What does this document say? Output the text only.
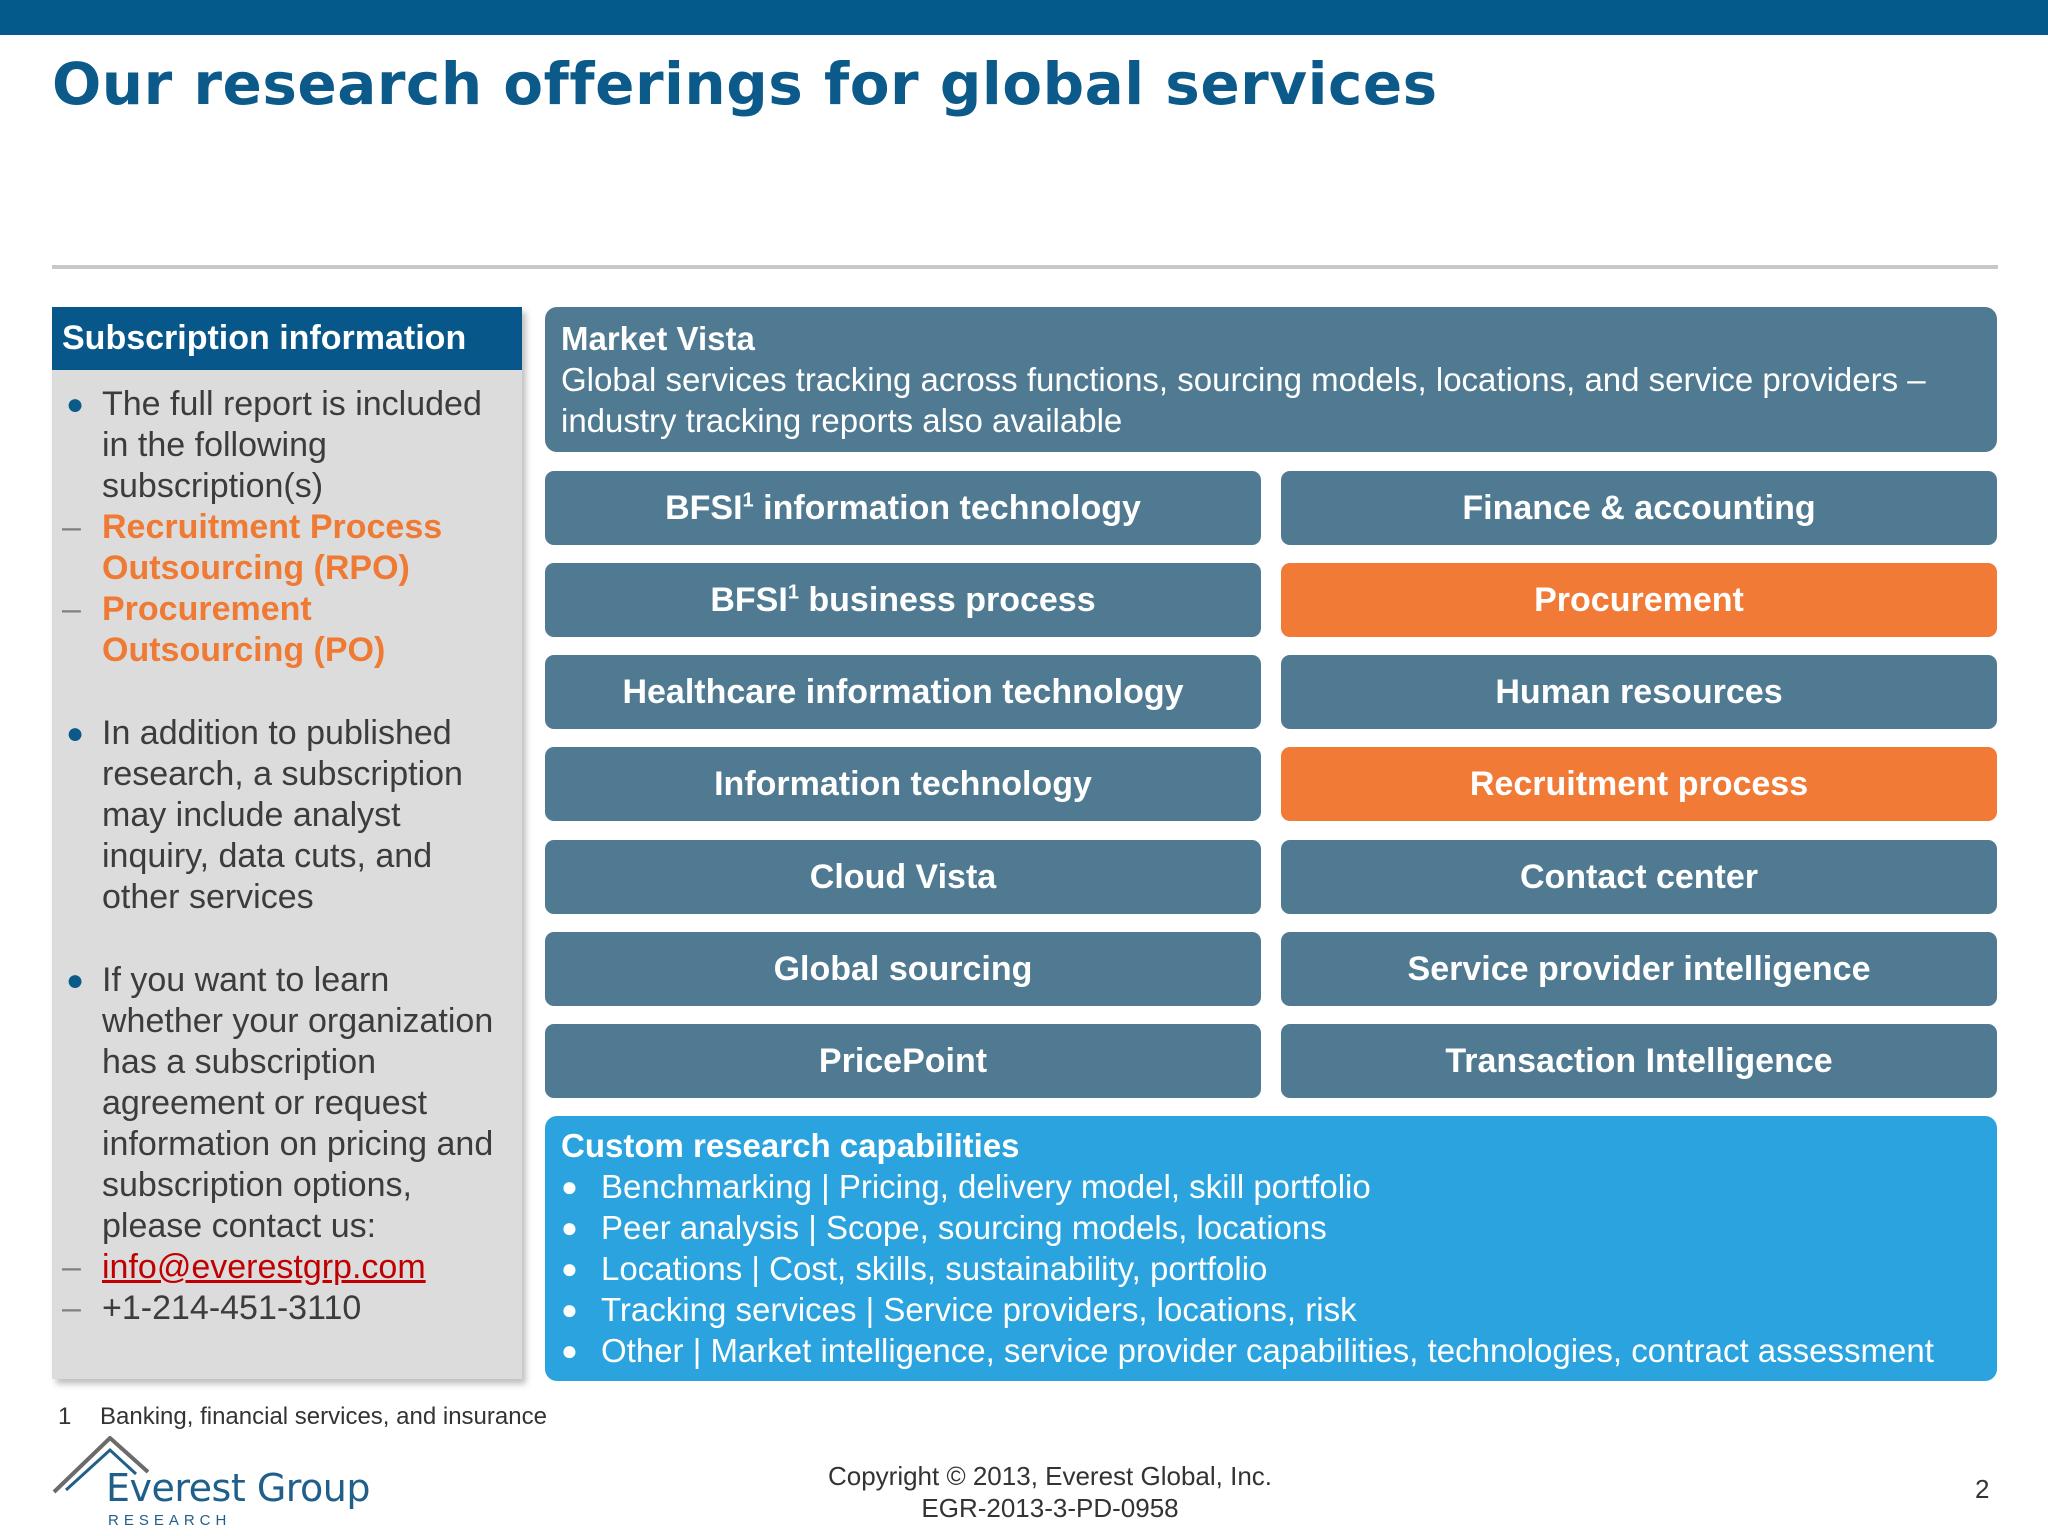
Our research offerings for global services
Subscription information
● The full report is included in the following subscription(s)
– Recruitment Process Outsourcing (RPO)
– Procurement Outsourcing (PO)
● In addition to published research, a subscription may include analyst inquiry, data cuts, and other services
● If you want to learn whether your organization has a subscription agreement or request information on pricing and subscription options, please contact us:
– info@everestgrp.com
– +1-214-451-3110
Market Vista
Global services tracking across functions, sourcing models, locations, and service providers – industry tracking reports also available
BFSI$^1$ information technology
BFSI$^1$ business process
Healthcare information technology
Information technology
Cloud Vista
Global sourcing
PricePoint
Finance & accounting
Procurement
Human resources
Recruitment process
Contact center
Service provider intelligence
Transaction Intelligence
Custom research capabilities
● Benchmarking | Pricing, delivery model, skill portfolio
● Peer analysis | Scope, sourcing models, locations
● Locations | Cost, skills, sustainability, portfolio
● Tracking services | Service providers, locations, risk
● Other | Market intelligence, service provider capabilities, technologies, contract assessment
1 Banking, financial services, and insurance
Everest Group
RESEARCH
Copyright © 2013, Everest Global, Inc.
EGR-2013-3-PD-0958
2
